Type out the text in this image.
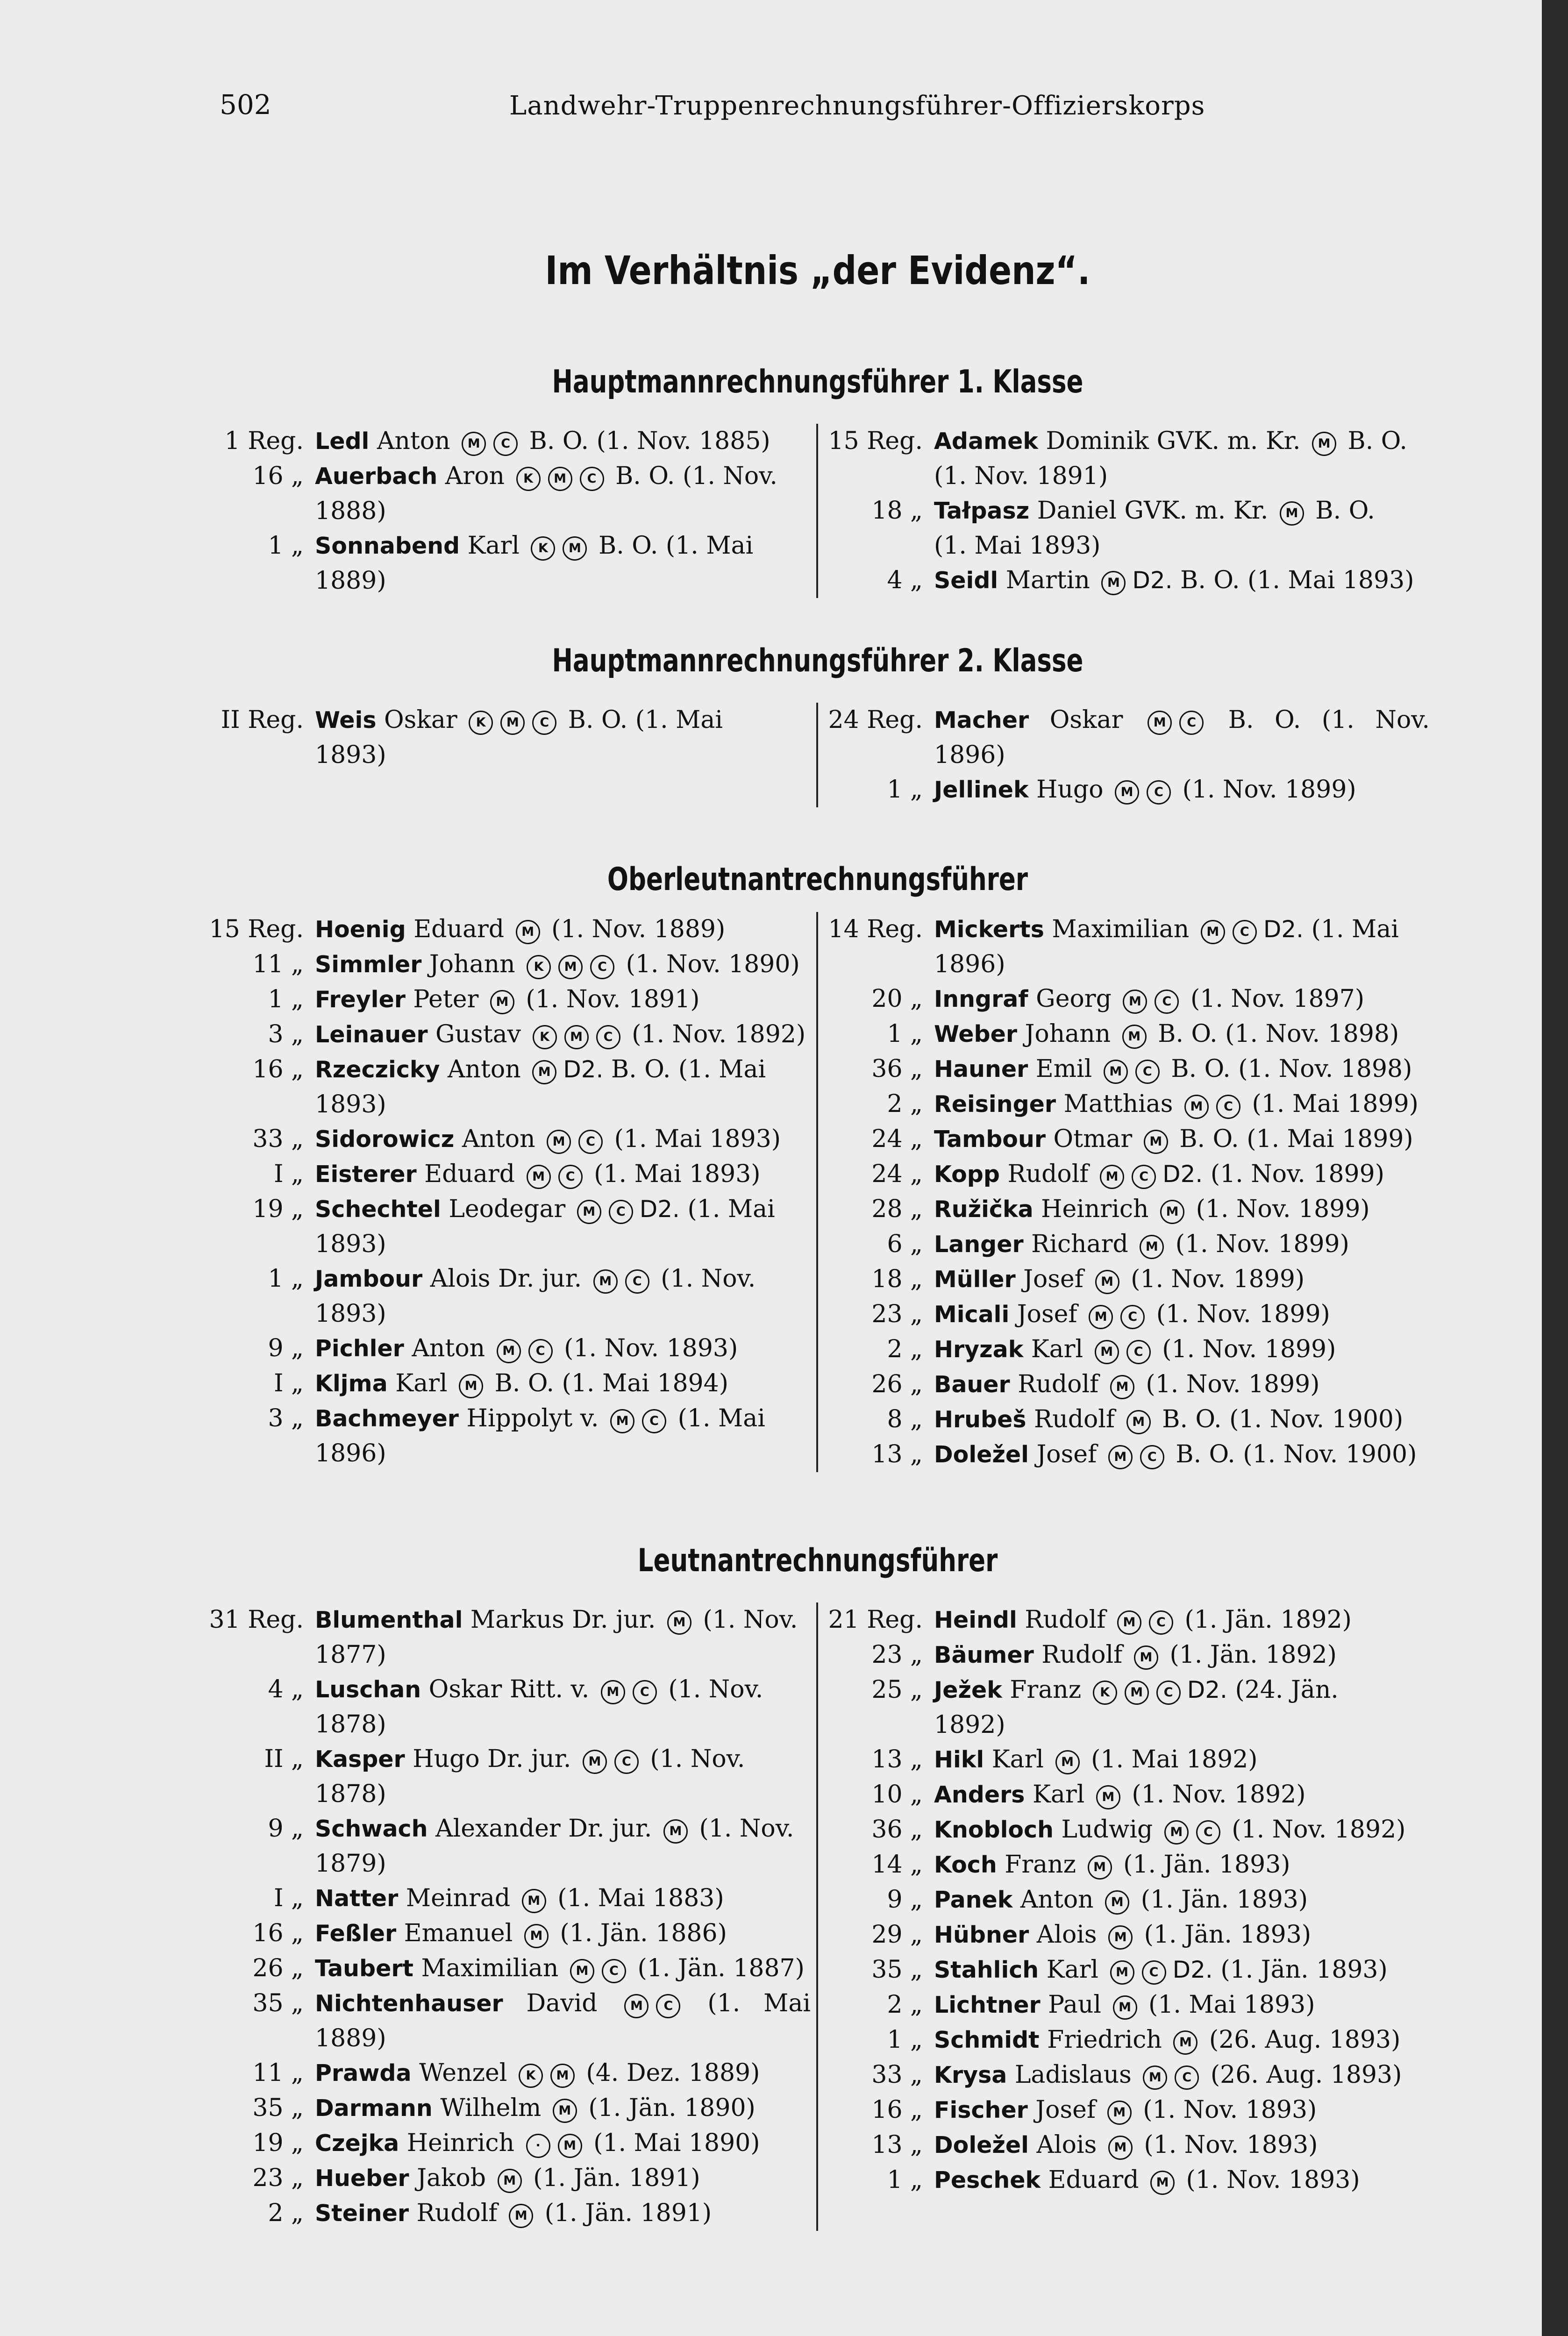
502	Landwehr-Truppenrechnungsführer-Offizierskorps
Im Verhältnis „der Evidenz“.
Hauptmannrechnungsführer 1. Klasse
1 Reg. Ledl Anton M C B. O. (1. Nov. 1885)
16 „ Auerbach Aron K M C B. O. (1. Nov.
1888)
1 „ Sonnabend Karl K M B. O. (1. Mai
1889)
15 Reg. Adamek Dominik GVK. m. Kr. M B. O.
(1. Nov. 1891)
18 „ Tałpasz Daniel GVK. m. Kr. M B. O.
(1. Mai 1893)
4 „ Seidl Martin M D2. B. O. (1. Mai 1893)
Hauptmannrechnungsführer 2. Klasse
II Reg. Weis Oskar K M C B. O. (1. Mai
1893)
24 Reg. Macher Oskar M C B. O. (1. Nov. 1896)
1 „ Jellinek Hugo M C (1. Nov. 1899)
Oberleutnantrechnungsführer
15 Reg. Hoenig Eduard M (1. Nov. 1889)
11 „ Simmler Johann K M C (1. Nov. 1890)
1 „ Freyler Peter M (1. Nov. 1891)
3 „ Leinauer Gustav K M C (1. Nov. 1892)
16 „ Rzeczicky Anton M D2. B. O. (1. Mai
1893)
33 „ Sidorowicz Anton M C (1. Mai 1893)
I „ Eisterer Eduard M C (1. Mai 1893)
19 „ Schechtel Leodegar M C D2. (1. Mai
1893)
1 „ Jambour Alois Dr. jur. M C (1. Nov.
1893)
9 „ Pichler Anton M C (1. Nov. 1893)
I „ Kljma Karl M B. O. (1. Mai 1894)
3 „ Bachmeyer Hippolyt v. M C (1. Mai
1896)
14 Reg. Mickerts Maximilian M C D2. (1. Mai
1896)
20 „ Inngraf Georg M C (1. Nov. 1897)
1 „ Weber Johann M B. O. (1. Nov. 1898)
36 „ Hauner Emil M C B. O. (1. Nov. 1898)
2 „ Reisinger Matthias M C (1. Mai 1899)
24 „ Tambour Otmar M B. O. (1. Mai 1899)
24 „ Kopp Rudolf M C D2. (1. Nov. 1899)
28 „ Ružička Heinrich M (1. Nov. 1899)
6 „ Langer Richard M (1. Nov. 1899)
18 „ Müller Josef M (1. Nov. 1899)
23 „ Micali Josef M C (1. Nov. 1899)
2 „ Hryzak Karl M C (1. Nov. 1899)
26 „ Bauer Rudolf M (1. Nov. 1899)
8 „ Hrubeš Rudolf M B. O. (1. Nov. 1900)
13 „ Doležel Josef M C B. O. (1. Nov. 1900)
Leutnantrechnungsführer
31 Reg. Blumenthal Markus Dr. jur. M (1. Nov.
1877)
4 „ Luschan Oskar Ritt. v. M C (1. Nov.
1878)
II „ Kasper Hugo Dr. jur. M C (1. Nov.
1878)
9 „ Schwach Alexander Dr. jur. M (1. Nov.
1879)
I „ Natter Meinrad M (1. Mai 1883)
16 „ Feßler Emanuel M (1. Jän. 1886)
26 „ Taubert Maximilian M C (1. Jän. 1887)
35 „ Nichtenhauser David M C (1. Mai 1889)
11 „ Prawda Wenzel K M (4. Dez. 1889)
35 „ Darmann Wilhelm M (1. Jän. 1890)
19 „ Czejka Heinrich · M (1. Mai 1890)
23 „ Hueber Jakob M (1. Jän. 1891)
2 „ Steiner Rudolf M (1. Jän. 1891)
21 Reg. Heindl Rudolf M C (1. Jän. 1892)
23 „ Bäumer Rudolf M (1. Jän. 1892)
25 „ Ježek Franz K M C D2. (24. Jän.
1892)
13 „ Hikl Karl M (1. Mai 1892)
10 „ Anders Karl M (1. Nov. 1892)
36 „ Knobloch Ludwig M C (1. Nov. 1892)
14 „ Koch Franz M (1. Jän. 1893)
9 „ Panek Anton M (1. Jän. 1893)
29 „ Hübner Alois M (1. Jän. 1893)
35 „ Stahlich Karl M C D2. (1. Jän. 1893)
2 „ Lichtner Paul M (1. Mai 1893)
1 „ Schmidt Friedrich M (26. Aug. 1893)
33 „ Krysa Ladislaus M C (26. Aug. 1893)
16 „ Fischer Josef M (1. Nov. 1893)
13 „ Doležel Alois M (1. Nov. 1893)
1 „ Peschek Eduard M (1. Nov. 1893)
